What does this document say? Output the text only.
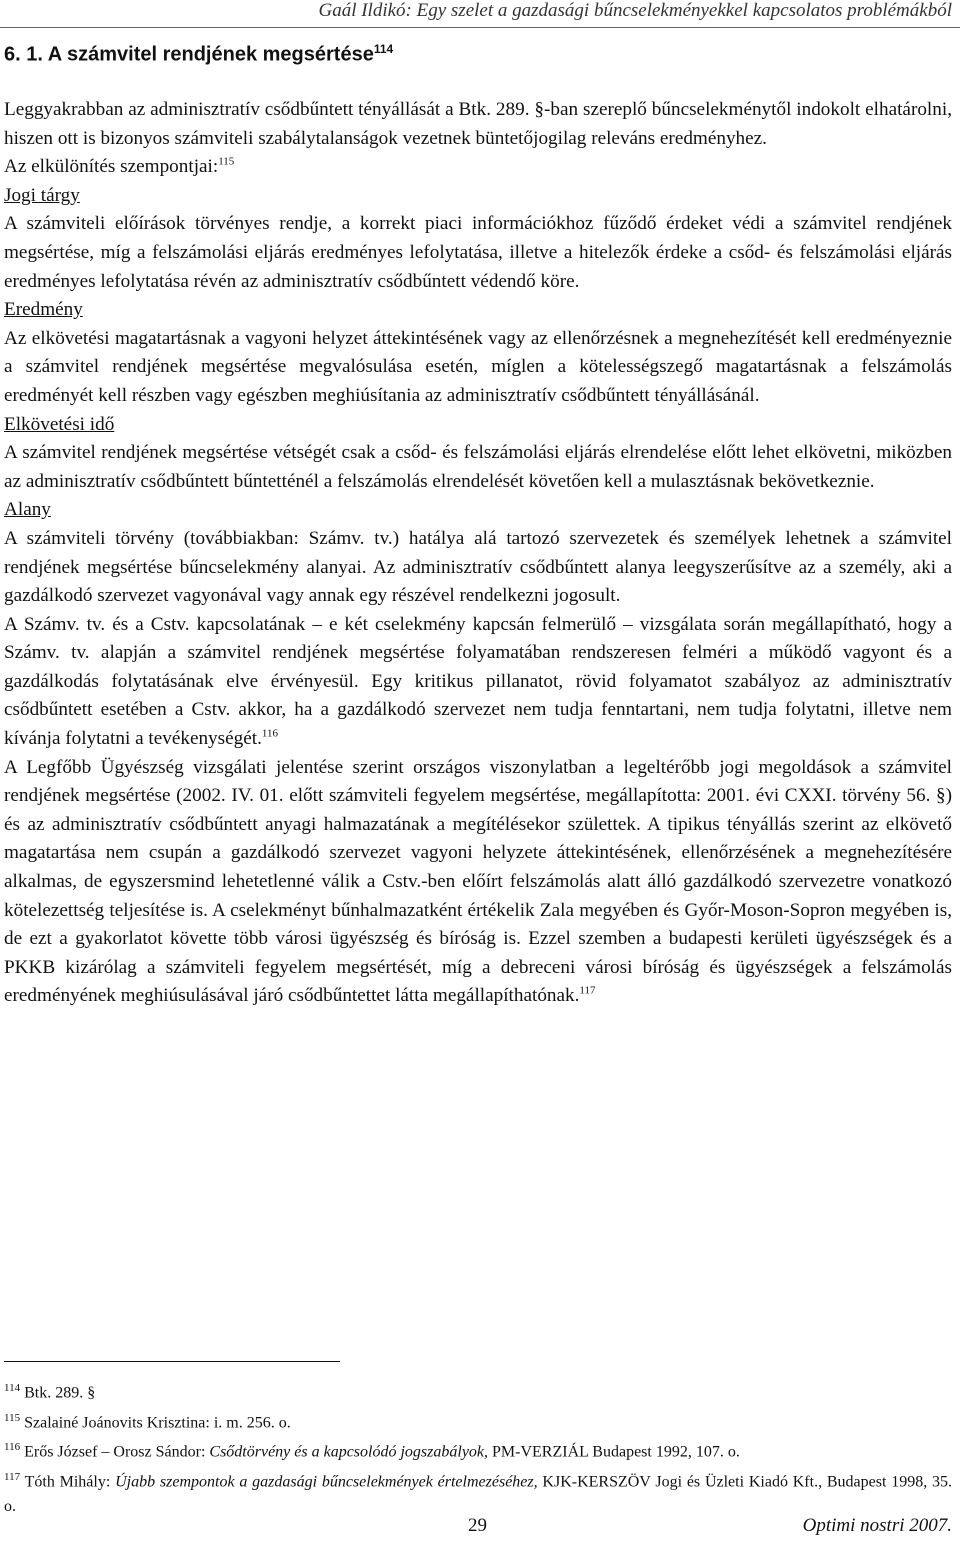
Gaál Ildikó: Egy szelet a gazdasági bűncselekményekkel kapcsolatos problémákból
6. 1. A számvitel rendjének megsértése$^{114}$

Leggyakrabban az adminisztratív csődbűntett tényállását a Btk. 289. §-ban szereplő bűncselekménytől indokolt elhatárolni, hiszen ott is bizonyos számviteli szabálytalanságok vezetnek büntetőjogilag releváns eredményhez.

Az elkülönítés szempontjai:$^{115}$

Jogi tárgy

A számviteli előírások törvényes rendje, a korrekt piaci információkhoz fűződő érdeket védi a számvitel rendjének megsértése, míg a felszámolási eljárás eredményes lefolytatása, illetve a hitelezők érdeke a csőd- és felszámolási eljárás eredményes lefolytatása révén az adminisztratív csődbűntett védendő köre.

Eredmény

Az elkövetési magatartásnak a vagyoni helyzet áttekintésének vagy az ellenőrzésnek a megnehezítését kell eredményeznie a számvitel rendjének megsértése megvalósulása esetén, míglen a kötelességszegő magatartásnak a felszámolás eredményét kell részben vagy egészben meghiúsítania az adminisztratív csődbűntett tényállásánál.

Elkövetési idő

A számvitel rendjének megsértése vétségét csak a csőd- és felszámolási eljárás elrendelése előtt lehet elkövetni, miközben az adminisztratív csődbűntett bűntetténél a felszámolás elrendelését követően kell a mulasztásnak bekövetkeznie.

Alany

A számviteli törvény (továbbiakban: Számv. tv.) hatálya alá tartozó szervezetek és személyek lehetnek a számvitel rendjének megsértése bűncselekmény alanyai. Az adminisztratív csődbűntett alanya leegyszerűsítve az a személy, aki a gazdálkodó szervezet vagyonával vagy annak egy részével rendelkezni jogosult.

A Számv. tv. és a Cstv. kapcsolatának – e két cselekmény kapcsán felmerülő – vizsgálata során megállapítható, hogy a Számv. tv. alapján a számvitel rendjének megsértése folyamatában rendszeresen felméri a működő vagyont és a gazdálkodás folytatásának elve érvényesül. Egy kritikus pillanatot, rövid folyamatot szabályoz az adminisztratív csődbűntett esetében a Cstv. akkor, ha a gazdálkodó szervezet nem tudja fenntartani, nem tudja folytatni, illetve nem kívánja folytatni a tevékenységét.$^{116}$

A Legfőbb Ügyészség vizsgálati jelentése szerint országos viszonylatban a legeltérőbb jogi megoldások a számvitel rendjének megsértése (2002. IV. 01. előtt számviteli fegyelem megsértése, megállapította: 2001. évi CXXI. törvény 56. §) és az adminisztratív csődbűntett anyagi halmazatának a megítélésekor születtek. A tipikus tényállás szerint az elkövető magatartása nem csupán a gazdálkodó szervezet vagyoni helyzete áttekintésének, ellenőrzésének a megnehezítésére alkalmas, de egyszersmind lehetetlenné válik a Cstv.-ben előírt felszámolás alatt álló gazdálkodó szervezetre vonatkozó kötelezettség teljesítése is. A cselekményt bűnhalmazatként értékelik Zala megyében és Győr-Moson-Sopron megyében is, de ezt a gyakorlatot követte több városi ügyészség és bíróság is. Ezzel szemben a budapesti kerületi ügyészségek és a PKKB kizárólag a számviteli fegyelem megsértését, míg a debreceni városi bíróság és ügyészségek a felszámolás eredményének meghiúsulásával járó csődbűntettet látta megállapíthatónak.$^{117}$

$^{114}$ Btk. 289. §

$^{115}$ Szalainé Joánovits Krisztina: i. m. 256. o.

$^{116}$ Erős József – Orosz Sándor: Csődtörvény és a kapcsolódó jogszabályok, PM-VERZIÁL Budapest 1992, 107. o.

$^{117}$ Tóth Mihály: Újabb szempontok a gazdasági bűncselekmények értelmezéséhez, KJK-KERSZÖV Jogi és Üzleti Kiadó Kft., Budapest 1998, 35. o.

29	Optimi nostri 2007.
